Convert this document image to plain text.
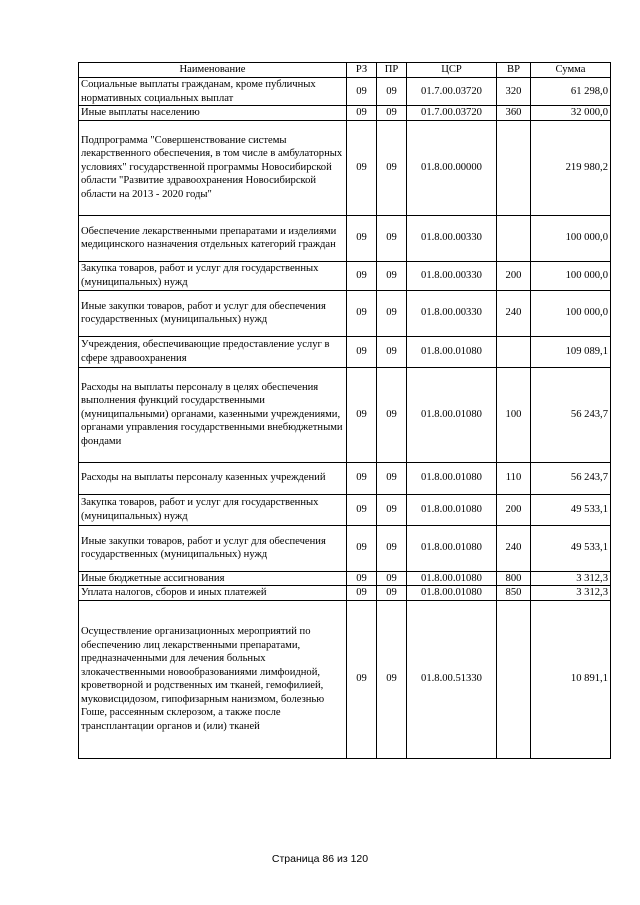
Наименование	РЗ	ПР	ЦСР	ВР	Сумма
Социальные выплаты гражданам, кроме публичных нормативных социальных выплат	09	09	01.7.00.03720	320	61 298,0
Иные выплаты населению	09	09	01.7.00.03720	360	32 000,0
Подпрограмма "Совершенствование системы лекарственного обеспечения, в том числе в амбулаторных условиях" государственной программы Новосибирской области "Развитие здравоохранения Новосибирской области на 2013 - 2020 годы"	09	09	01.8.00.00000		219 980,2
Обеспечение лекарственными препаратами и изделиями медицинского назначения отдельных категорий граждан	09	09	01.8.00.00330		100 000,0
Закупка товаров, работ и услуг для государственных (муниципальных) нужд	09	09	01.8.00.00330	200	100 000,0
Иные закупки товаров, работ и услуг для обеспечения государственных (муниципальных) нужд	09	09	01.8.00.00330	240	100 000,0
Учреждения, обеспечивающие предоставление услуг в сфере здравоохранения	09	09	01.8.00.01080		109 089,1
Расходы на выплаты персоналу в целях обеспечения выполнения функций государственными (муниципальными) органами, казенными учреждениями, органами управления государственными внебюджетными фондами	09	09	01.8.00.01080	100	56 243,7
Расходы на выплаты персоналу казенных учреждений	09	09	01.8.00.01080	110	56 243,7
Закупка товаров, работ и услуг для государственных (муниципальных) нужд	09	09	01.8.00.01080	200	49 533,1
Иные закупки товаров, работ и услуг для обеспечения государственных (муниципальных) нужд	09	09	01.8.00.01080	240	49 533,1
Иные бюджетные ассигнования	09	09	01.8.00.01080	800	3 312,3
Уплата налогов, сборов и иных платежей	09	09	01.8.00.01080	850	3 312,3
Осуществление организационных мероприятий по обеспечению лиц лекарственными препаратами, предназначенными для лечения больных злокачественными новообразованиями лимфоидной, кроветворной и родственных им тканей, гемофилией, муковисцидозом, гипофизарным нанизмом, болезнью Гоше, рассеянным склерозом, а также после трансплантации органов и (или) тканей	09	09	01.8.00.51330		10 891,1
Страница 86 из 120
